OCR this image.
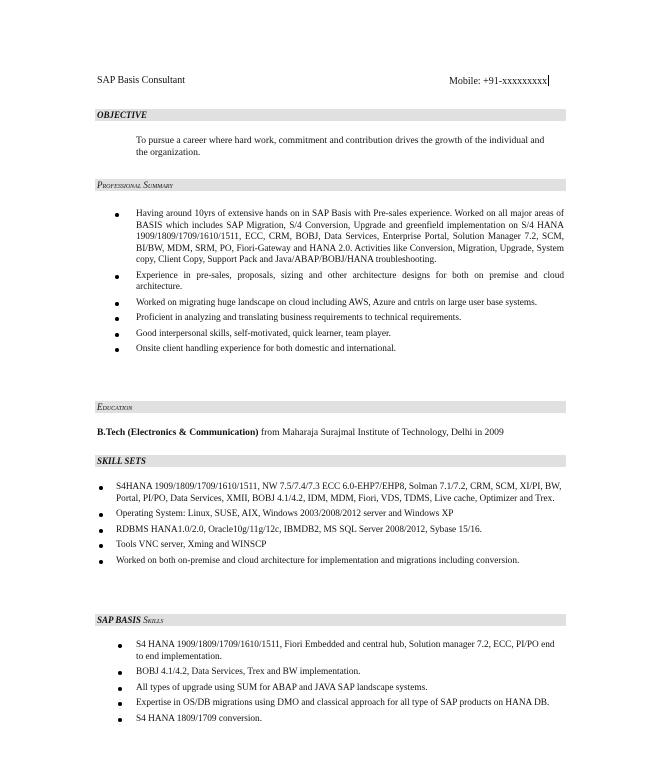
SAP Basis Consultant	Mobile: +91-xxxxxxxxx
OBJECTIVE
To pursue a career where hard work, commitment and contribution drives the growth of the individual and the organization.
Professional Summary
Having around 10yrs of extensive hands on in SAP Basis with Pre-sales experience. Worked on all major areas of BASIS which includes SAP Migration, S/4 Conversion, Upgrade and greenfield implementation on S/4 HANA 1909/1809/1709/1610/1511, ECC, CRM, BOBJ, Data Services, Enterprise Portal, Solution Manager 7.2, SCM, BI/BW, MDM, SRM, PO, Fiori-Gateway and HANA 2.0. Activities like Conversion, Migration, Upgrade, System copy, Client Copy, Support Pack and Java/ABAP/BOBJ/HANA troubleshooting.
Experience in pre-sales, proposals, sizing and other architecture designs for both on premise and cloud architecture.
Worked on migrating huge landscape on cloud including AWS, Azure and cntrls on large user base systems.
Proficient in analyzing and translating business requirements to technical requirements.
Good interpersonal skills, self-motivated, quick learner, team player.
Onsite client handling experience for both domestic and international.
Education
B.Tech (Electronics & Communication) from Maharaja Surajmal Institute of Technology, Delhi in 2009
SKILL SETS
S4HANA 1909/1809/1709/1610/1511, NW 7.5/7.4/7.3 ECC 6.0-EHP7/EHP8, Solman 7.1/7.2, CRM, SCM, XI/PI, BW, Portal, PI/PO, Data Services, XMII, BOBJ 4.1/4.2, IDM, MDM, Fiori, VDS, TDMS, Live cache, Optimizer and Trex.
Operating System: Linux, SUSE, AIX, Windows 2003/2008/2012 server and Windows XP
RDBMS HANA1.0/2.0, Oracle10g/11g/12c, IBMDB2, MS SQL Server 2008/2012, Sybase 15/16.
Tools VNC server, Xming and WINSCP
Worked on both on-premise and cloud architecture for implementation and migrations including conversion.
SAP BASIS Skills
S4 HANA 1909/1809/1709/1610/1511, Fiori Embedded and central hub, Solution manager 7.2, ECC, PI/PO end to end implementation.
BOBJ 4.1/4.2, Data Services, Trex and BW implementation.
All types of upgrade using SUM for ABAP and JAVA SAP landscape systems.
Expertise in OS/DB migrations using DMO and classical approach for all type of SAP products on HANA DB.
S4 HANA 1809/1709 conversion.
